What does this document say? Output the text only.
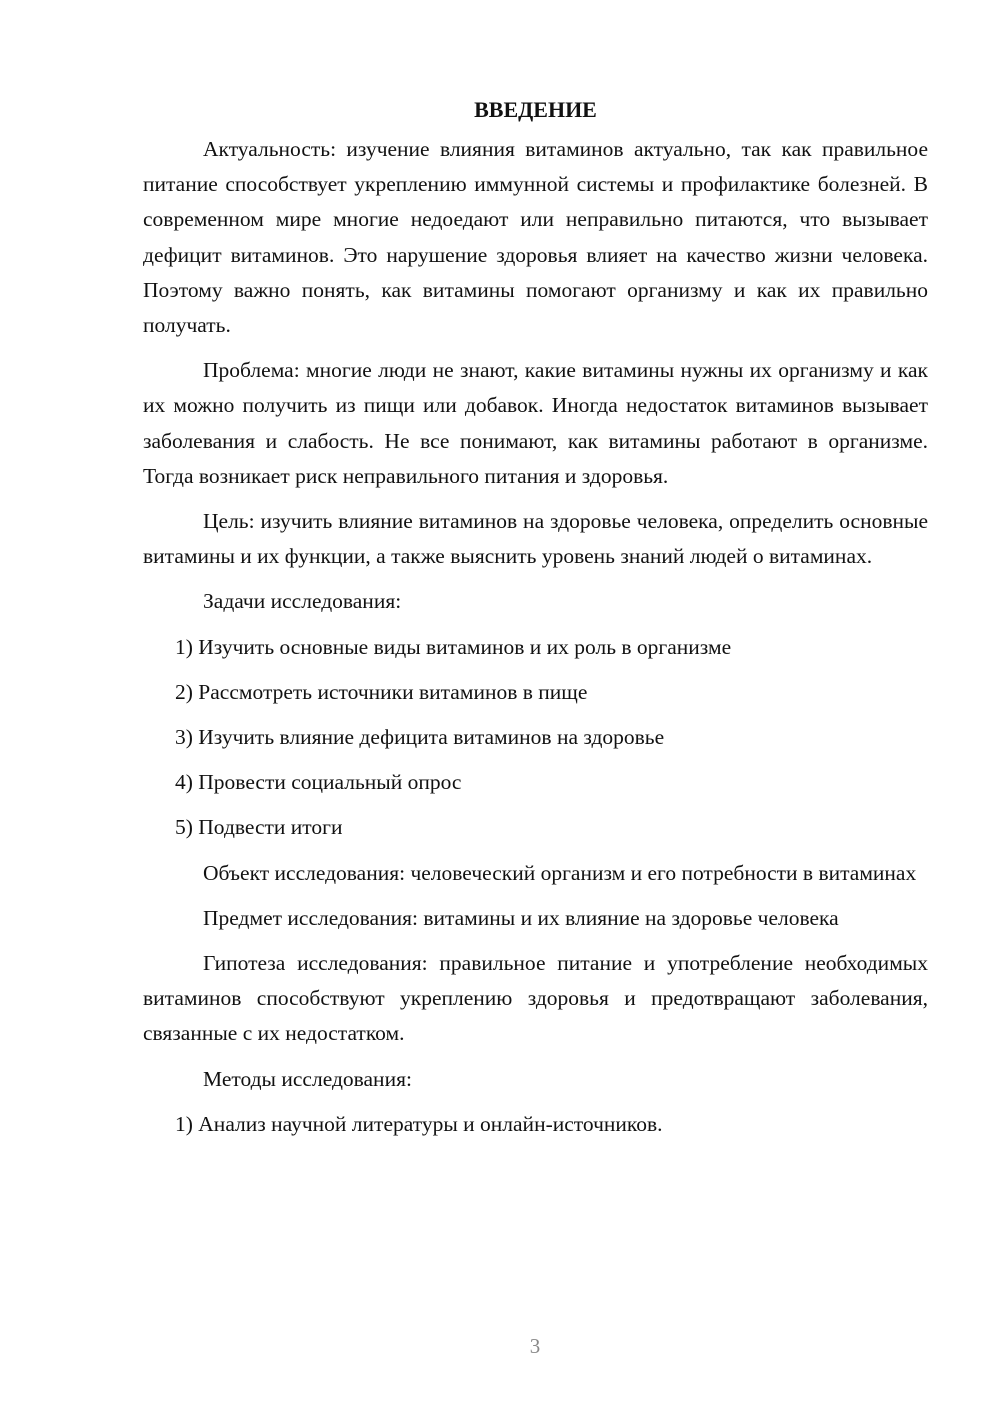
ВВЕДЕНИЕ

Актуальность: изучение влияния витаминов актуально, так как правильное питание способствует укреплению иммунной системы и профилактике болезней. В современном мире многие недоедают или неправильно питаются, что вызывает дефицит витаминов. Это нарушение здоровья влияет на качество жизни человека. Поэтому важно понять, как витамины помогают организму и как их правильно получать.

Проблема: многие люди не знают, какие витамины нужны их организму и как их можно получить из пищи или добавок. Иногда недостаток витаминов вызывает заболевания и слабость. Не все понимают, как витамины работают в организме. Тогда возникает риск неправильного питания и здоровья.

Цель: изучить влияние витаминов на здоровье человека, определить основные витамины и их функции, а также выяснить уровень знаний людей о витаминах.

Задачи исследования:

1) Изучить основные виды витаминов и их роль в организме
2) Рассмотреть источники витаминов в пище
3) Изучить влияние дефицита витаминов на здоровье
4) Провести социальный опрос
5) Подвести итоги

Объект исследования: человеческий организм и его потребности в витаминах

Предмет исследования: витамины и их влияние на здоровье человека

Гипотеза исследования: правильное питание и употребление необходимых витаминов способствуют укреплению здоровья и предотвращают заболевания, связанные с их недостатком.

Методы исследования:

1) Анализ научной литературы и онлайн-источников.
3
